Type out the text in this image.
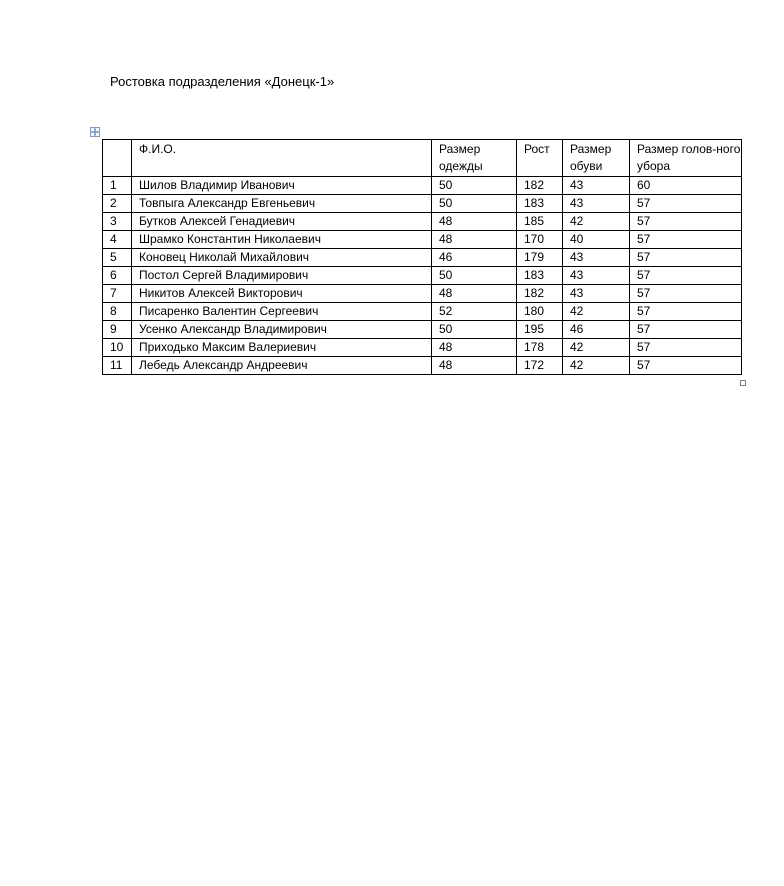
Ростовка подразделения «Донецк-1»
	Ф.И.О.	Размер одежды	Рост	Размер обуви	Размер голов-ного убора
1	Шилов Владимир Иванович	50	182	43	60
2	Товпыга Александр Евгеньевич	50	183	43	57
3	Бутков Алексей Генадиевич	48	185	42	57
4	Шрамко Константин Николаевич	48	170	40	57
5	Коновец Николай Михайлович	46	179	43	57
6	Постол Сергей Владимирович	50	183	43	57
7	Никитов Алексей Викторович	48	182	43	57
8	Писаренко Валентин Сергеевич	52	180	42	57
9	Усенко Александр Владимирович	50	195	46	57
10	Приходько Максим Валериевич	48	178	42	57
11	Лебедь Александр Андреевич	48	172	42	57
